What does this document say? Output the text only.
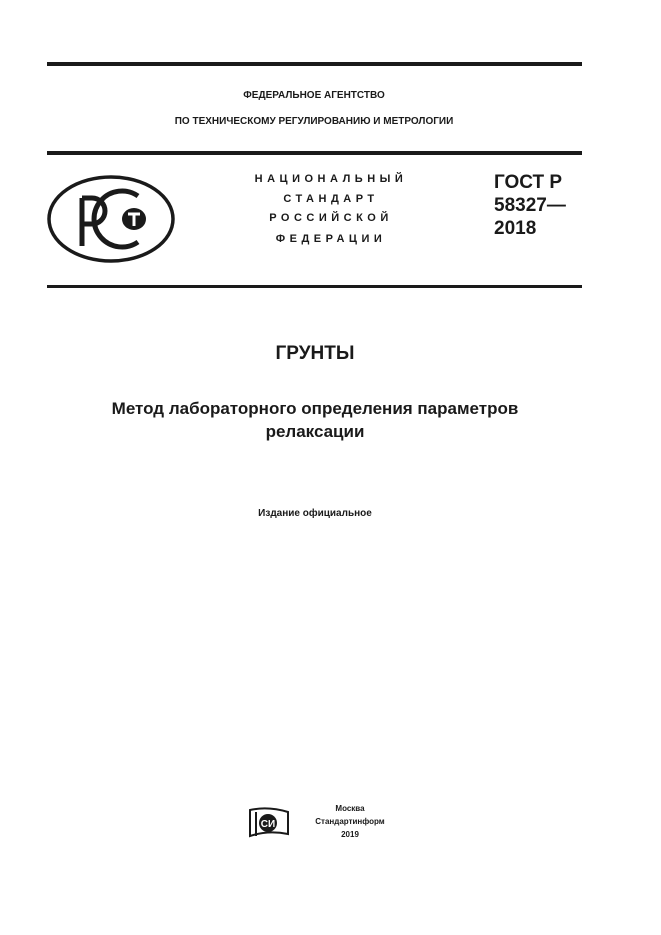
ФЕДЕРАЛЬНОЕ АГЕНТСТВО
ПО ТЕХНИЧЕСКОМУ РЕГУЛИРОВАНИЮ И МЕТРОЛОГИИ
НАЦИОНАЛЬНЫЙ
СТАНДАРТ
РОССИЙСКОЙ
ФЕДЕРАЦИИ
ГОСТ Р
58327—
2018
ГРУНТЫ
Метод лабораторного определения параметров
релаксации
Издание официальное
СИ
Москва
Стандартинформ
2019
